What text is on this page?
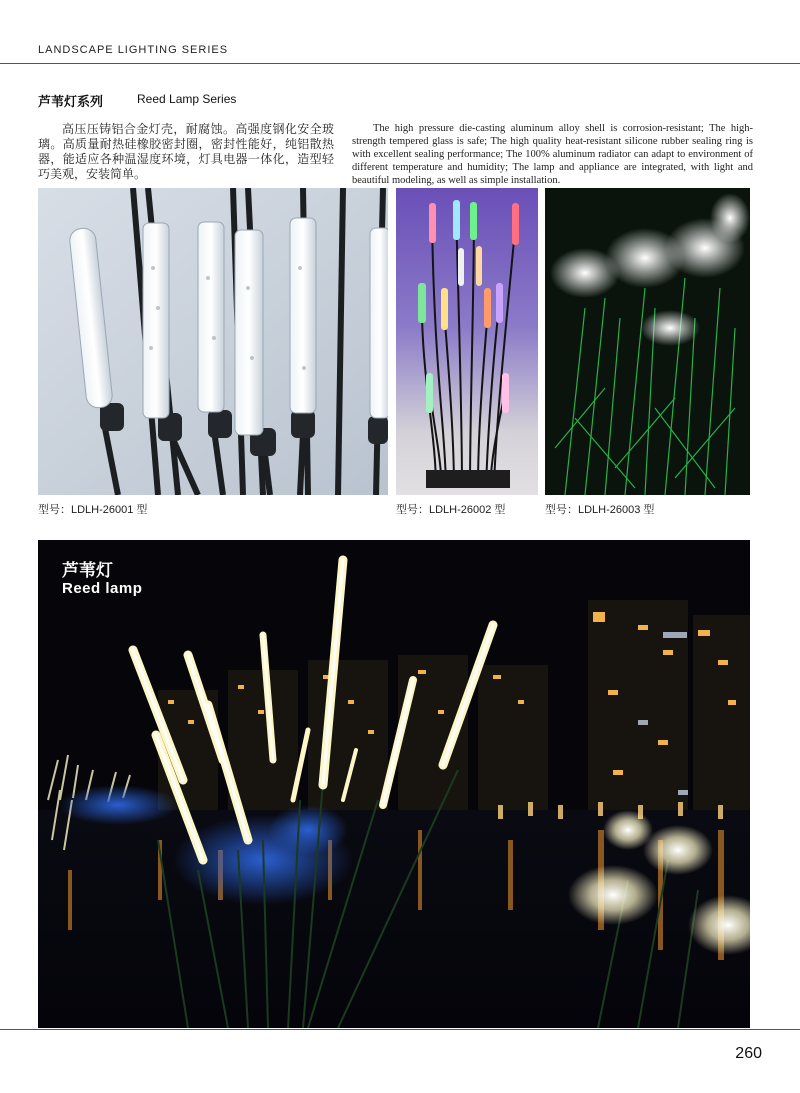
LANDSCAPE LIGHTING SERIES
芦苇灯系列	Reed Lamp Series
高压压铸铝合金灯壳，耐腐蚀。高强度钢化安全玻璃。高质量耐热硅橡胶密封圈，密封性能好，纯铝散热器，能适应各种温湿度环境，灯具电器一体化，造型轻巧美观，安装简单。
The high pressure die-casting aluminum alloy shell is corrosion-resistant; The high-strength tempered glass is safe; The high quality heat-resistant silicone rubber sealing ring is with excellent sealing performance; The 100% aluminum radiator can adapt to environment of different temperature and humidity; The lamp and appliance are integrated, with light and beautiful modeling, as well as simple installation.
型号：LDLH-26001 型	型号：LDLH-26002 型	型号：LDLH-26003 型
芦苇灯
Reed lamp
260
